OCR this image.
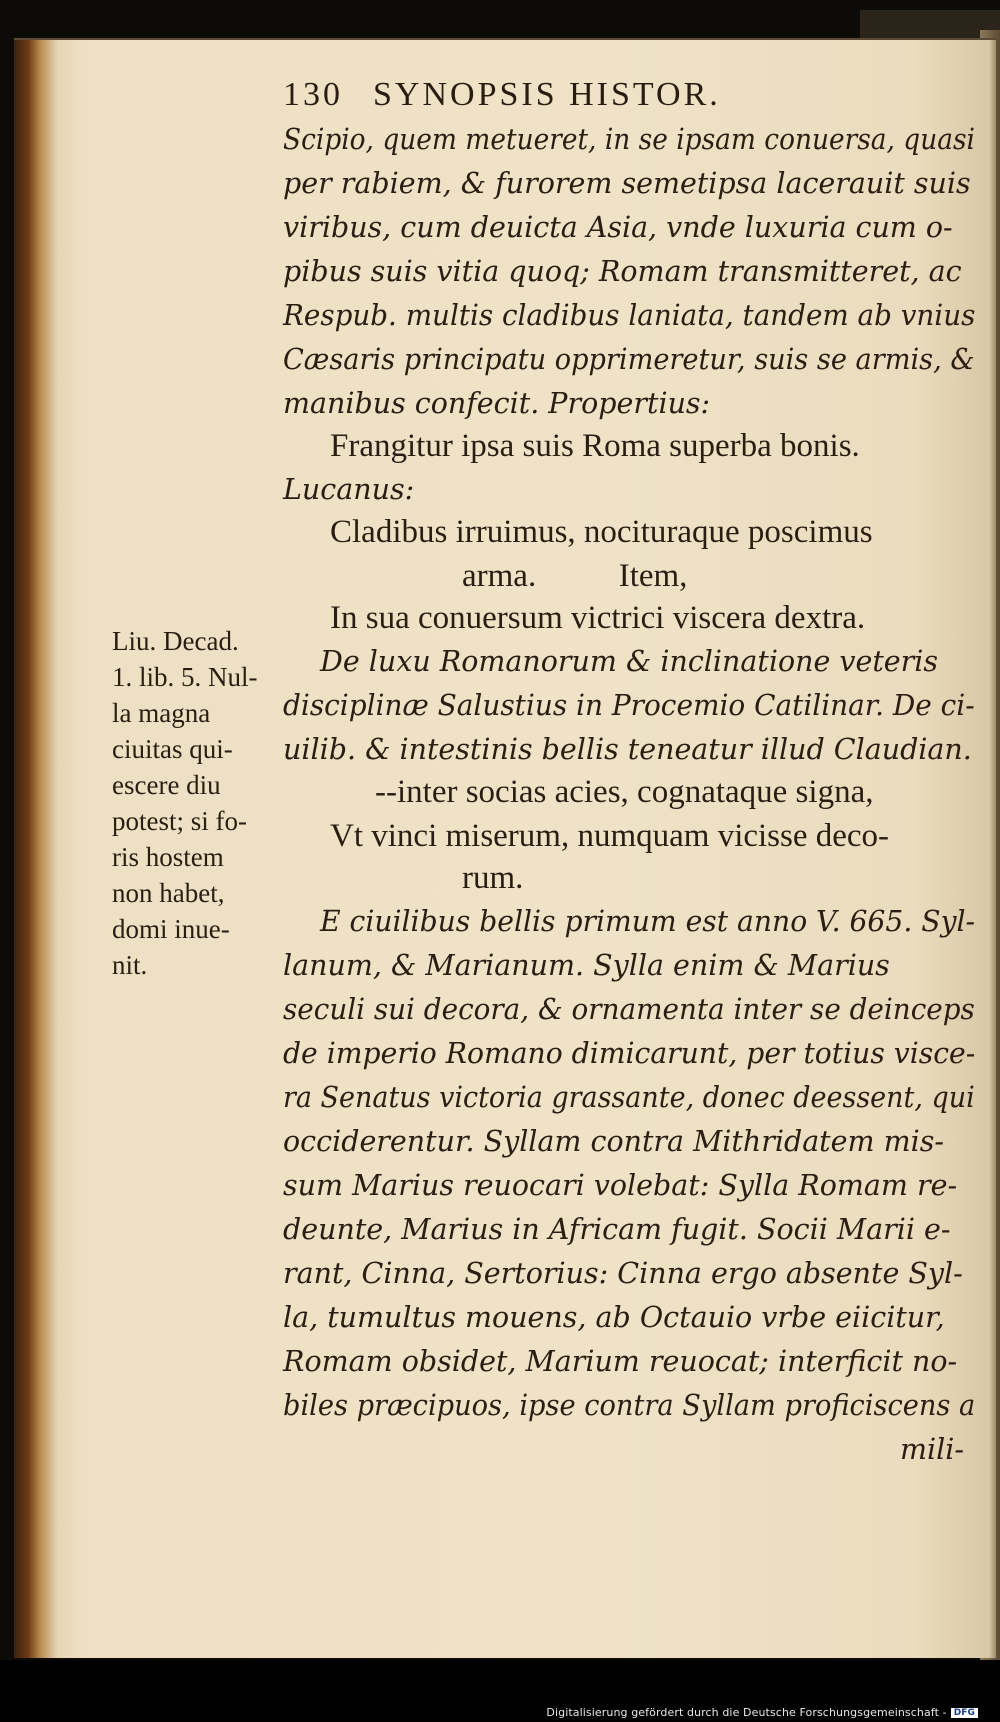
130 SYNOPSIS HISTOR.
Scipio, quem metueret, in se ipsam conuersa, quasi
per rabiem, & furorem semetipsa lacerauit suis
viribus, cum deuicta Asia, vnde luxuria cum o-
pibus suis vitia quoq; Romam transmitteret, ac
Respub. multis cladibus laniata, tandem ab vnius
Cæsaris principatu opprimeretur, suis se armis, &
manibus confecit. Propertius:
Frangitur ipsa suis Roma superba bonis.
Lucanus:
Cladibus irruimus, nocituraque poscimus
arma.          Item,
In sua conuersum victrici viscera dextra.
De luxu Romanorum & inclinatione veteris
disciplinæ Salustius in Procemio Catilinar. De ci-
uilib. & intestinis bellis teneatur illud Claudian.
--inter socias acies, cognataque signa,
Vt vinci miserum, numquam vicisse deco-
rum.
E ciuilibus bellis primum est anno V. 665. Syl-
lanum, & Marianum. Sylla enim & Marius
seculi sui decora, & ornamenta inter se deinceps
de imperio Romano dimicarunt, per totius visce-
ra Senatus victoria grassante, donec deessent, qui
occiderentur. Syllam contra Mithridatem mis-
sum Marius reuocari volebat: Sylla Romam re-
deunte, Marius in Africam fugit. Socii Marii e-
rant, Cinna, Sertorius: Cinna ergo absente Syl-
la, tumultus mouens, ab Octauio vrbe eiicitur,
Romam obsidet, Marium reuocat; interficit no-
biles præcipuos, ipse contra Syllam proficiscens a
mili-
Liu. Decad.
1. lib. 5. Nul-
la magna
ciuitas qui-
escere diu
potest; si fo-
ris hostem
non habet,
domi inue-
nit.
Digitalisierung gefördert durch die Deutsche Forschungsgemeinschaft - DFG
